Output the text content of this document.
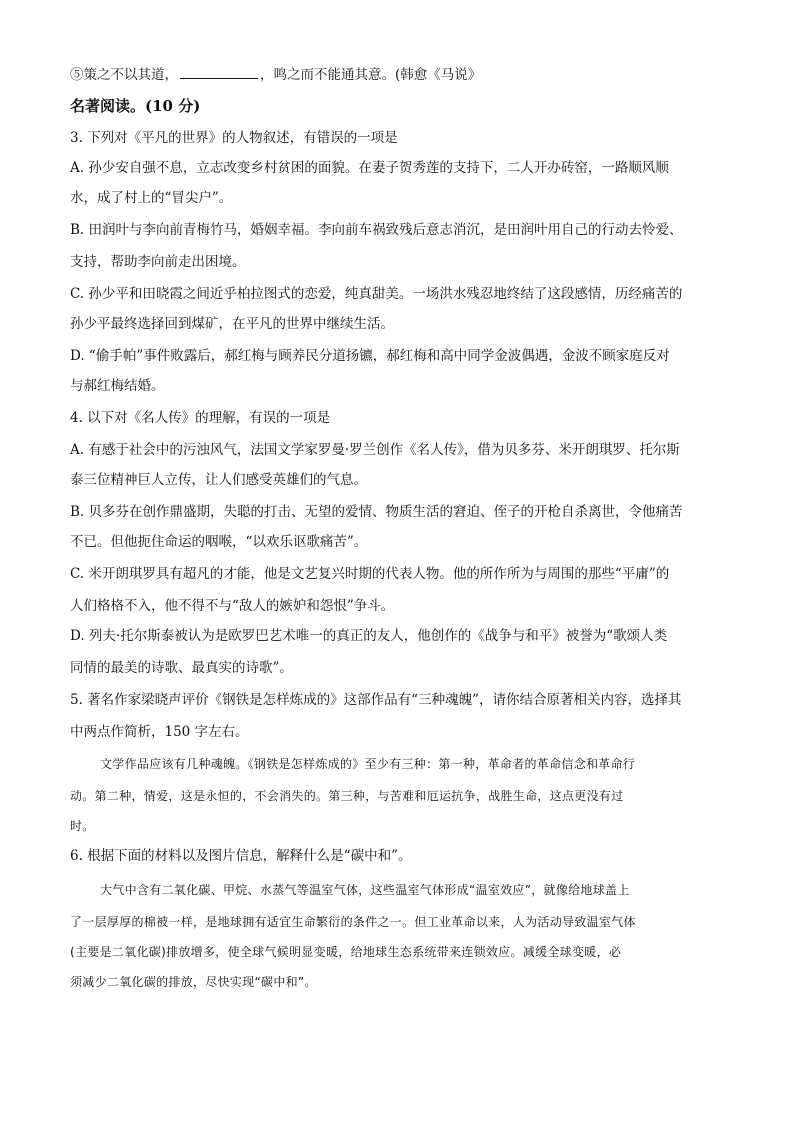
⑤策之不以其道，	，鸣之而不能通其意。(韩愈《马说》
名著阅读。(10 分)
3. 下列对《平凡的世界》的人物叙述，有错误的一项是
A. 孙少安自强不息，立志改变乡村贫困的面貌。在妻子贺秀莲的支持下，二人开办砖窑，一路顺风顺
水，成了村上的“冒尖户”。
B. 田润叶与李向前青梅竹马，婚姻幸福。李向前车祸致残后意志消沉，是田润叶用自己的行动去怜爱、
支持，帮助李向前走出困境。
C. 孙少平和田晓霞之间近乎柏拉图式的恋爱，纯真甜美。一场洪水残忍地终结了这段感情，历经痛苦的
孙少平最终选择回到煤矿，在平凡的世界中继续生活。
D. “偷手帕”事件败露后，郝红梅与顾养民分道扬镳，郝红梅和高中同学金波偶遇，金波不顾家庭反对
与郝红梅结婚。
4. 以下对《名人传》的理解，有误的一项是
A. 有感于社会中的污浊风气，法国文学家罗曼·罗兰创作《名人传》，借为贝多芬、米开朗琪罗、托尔斯
泰三位精神巨人立传，让人们感受英雄们的气息。
B. 贝多芬在创作鼎盛期，失聪的打击、无望的爱情、物质生活的窘迫、侄子的开枪自杀离世，令他痛苦
不已。但他扼住命运的咽喉，“以欢乐讴歌痛苦”。
C. 米开朗琪罗具有超凡的才能，他是文艺复兴时期的代表人物。他的所作所为与周围的那些“平庸”的
人们格格不入，他不得不与“敌人的嫉妒和怨恨”争斗。
D. 列夫·托尔斯泰被认为是欧罗巴艺术唯一的真正的友人，他创作的《战争与和平》被誉为“歌颂人类
同情的最美的诗歌、最真实的诗歌”。
5. 著名作家梁晓声评价《钢铁是怎样炼成的》这部作品有“三种魂魄”，请你结合原著相关内容，选择其
中两点作简析，150 字左右。
文学作品应该有几种魂魄。《钢铁是怎样炼成的》至少有三种：第一种，革命者的革命信念和革命行
动。第二种，情爱，这是永恒的，不会消失的。第三种，与苦难和厄运抗争，战胜生命，这点更没有过
时。
6. 根据下面的材料以及图片信息，解释什么是“碳中和”。
大气中含有二氧化碳、甲烷、水蒸气等温室气体，这些温室气体形成“温室效应”，就像给地球盖上
了一层厚厚的棉被一样，是地球拥有适宜生命繁衍的条件之一。但工业革命以来，人为活动导致温室气体
(主要是二氧化碳)排放增多，使全球气候明显变暖，给地球生态系统带来连锁效应。减缓全球变暖，必
须减少二氧化碳的排放，尽快实现“碳中和”。
